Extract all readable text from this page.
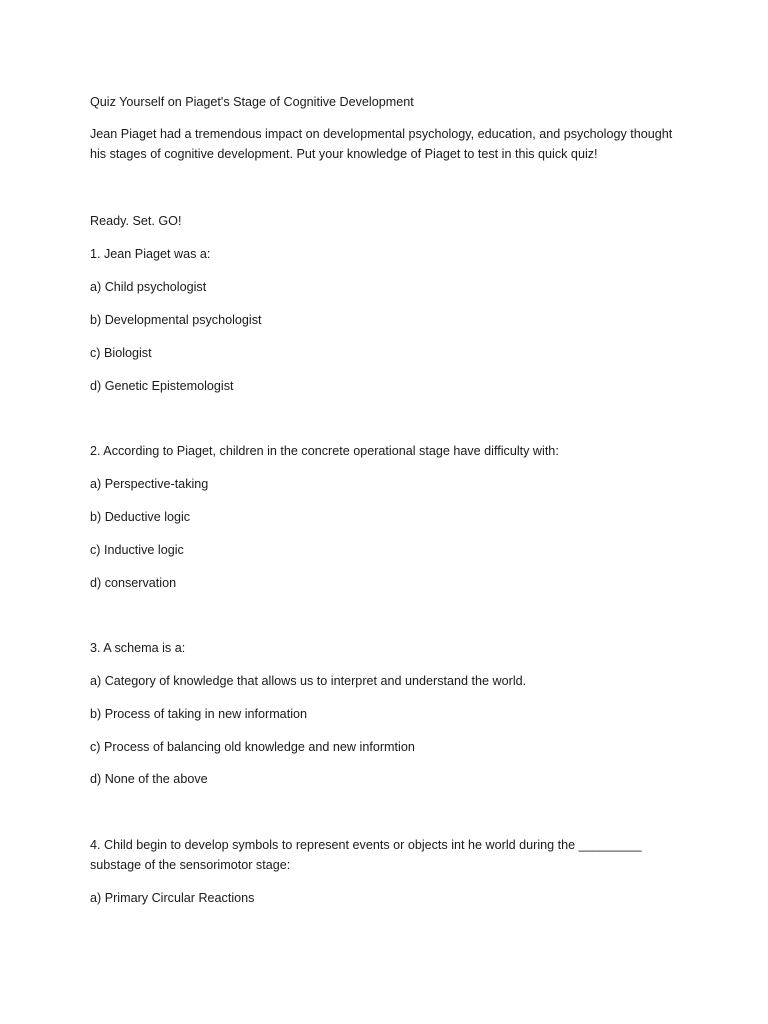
Quiz Yourself on Piaget's Stage of Cognitive Development
Jean Piaget had a tremendous impact on developmental psychology, education, and psychology thought his stages of cognitive development. Put your knowledge of Piaget to test in this quick quiz!
Ready. Set. GO!
1. Jean Piaget was a:
a) Child psychologist
b) Developmental psychologist
c) Biologist
d) Genetic Epistemologist
2. According to Piaget, children in the concrete operational stage have difficulty with:
a) Perspective-taking
b) Deductive logic
c) Inductive logic
d) conservation
3. A schema is a:
a) Category of knowledge that allows us to interpret and understand the world.
b) Process of taking in new information
c) Process of balancing old knowledge and new informtion
d) None of the above
4. Child begin to develop symbols to represent events or objects int he world during the _________ substage of the sensorimotor stage:
a) Primary Circular Reactions
